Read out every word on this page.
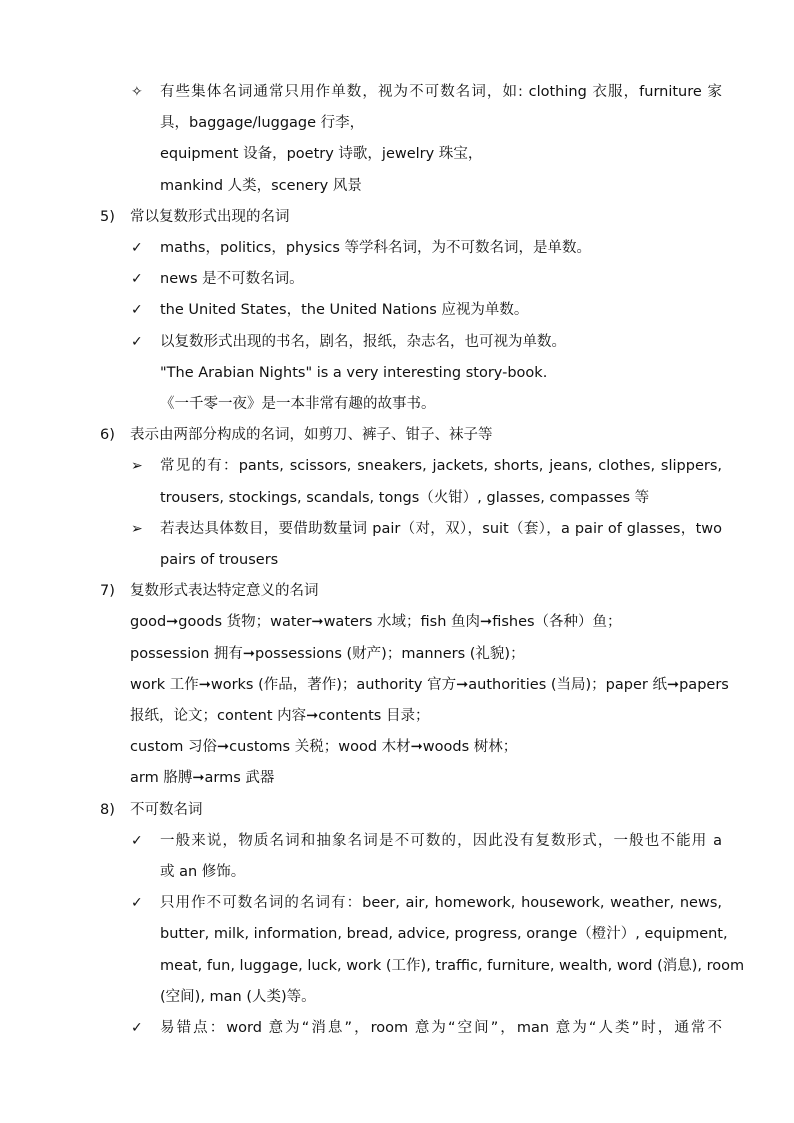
✧ 有些集体名词通常只用作单数，视为不可数名词，如: clothing 衣服，furniture 家
具，baggage/luggage 行李，
equipment 设备，poetry 诗歌，jewelry 珠宝，
mankind 人类，scenery 风景
5) 常以复数形式出现的名词
✓ maths，politics，physics 等学科名词，为不可数名词，是单数。
✓ news 是不可数名词。
✓ the United States，the United Nations 应视为单数。
✓ 以复数形式出现的书名，剧名，报纸，杂志名，也可视为单数。
"The Arabian Nights" is a very interesting story-book.
《一千零一夜》是一本非常有趣的故事书。
6) 表示由两部分构成的名词，如剪刀、裤子、钳子、袜子等
➢ 常见的有：pants, scissors, sneakers, jackets, shorts, jeans, clothes, slippers,
trousers, stockings, scandals, tongs（火钳）, glasses, compasses 等
➢ 若表达具体数目，要借助数量词 pair（对，双），suit（套），a pair of glasses，two
pairs of trousers
7) 复数形式表达特定意义的名词
good➞goods 货物；water➞waters 水域；fish 鱼肉➞fishes（各种）鱼；
possession 拥有➞possessions (财产)；manners (礼貌)；
work 工作➞works (作品，著作)；authority 官方➞authorities (当局)；paper 纸➞papers
报纸，论文；content 内容➞contents 目录；
custom 习俗➞customs 关税；wood 木材➞woods 树林；
arm 胳膊➞arms 武器
8) 不可数名词
✓ 一般来说，物质名词和抽象名词是不可数的，因此没有复数形式，一般也不能用 a
或 an 修饰。
✓ 只用作不可数名词的名词有：beer, air, homework, housework, weather, news,
butter, milk, information, bread, advice, progress, orange（橙汁）, equipment,
meat, fun, luggage, luck, work (工作), traffic, furniture, wealth, word (消息), room
(空间), man (人类)等。
✓ 易错点：word 意为“消息”，room 意为“空间”，man 意为“人类”时，通常不
